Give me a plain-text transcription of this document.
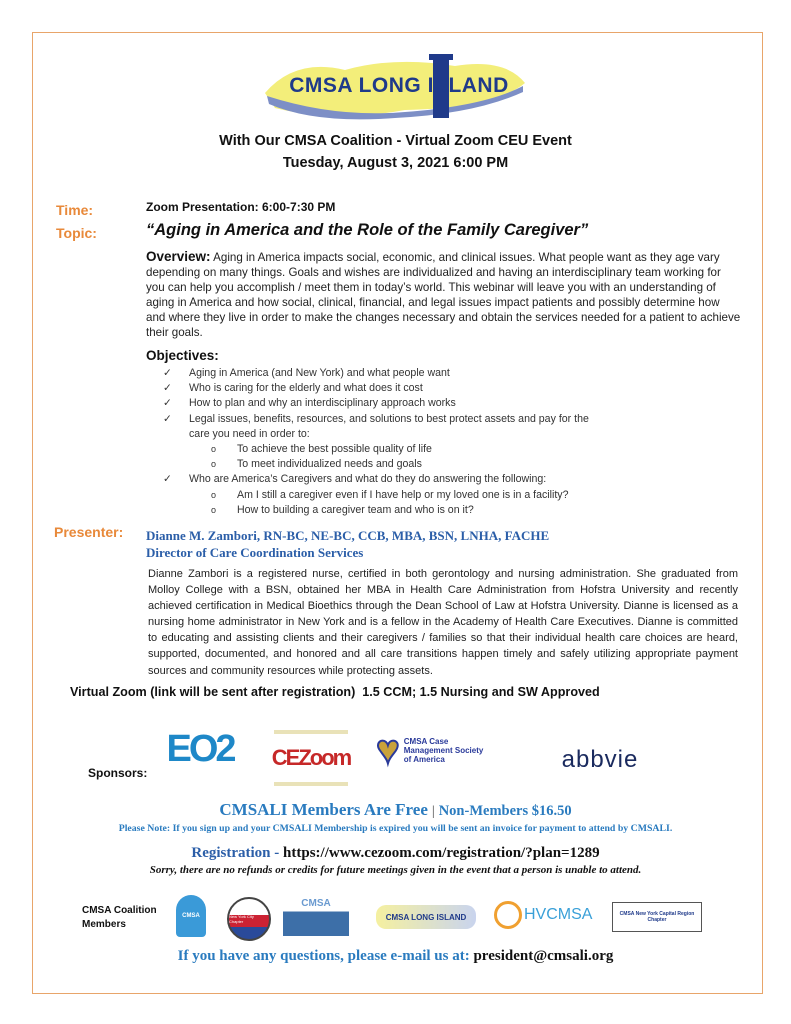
CMSA LONG ISLAND
With Our CMSA Coalition - Virtual Zoom CEU Event
Tuesday, August 3, 2021 6:00 PM
Time:	Zoom Presentation: 6:00-7:30 PM
Topic:	“Aging in America and the Role of the Family Caregiver”
Overview: Aging in America impacts social, economic, and clinical issues. What people want as they age vary depending on many things. Goals and wishes are individualized and having an interdisciplinary team working for you can help you accomplish / meet them in today’s world. This webinar will leave you with an understanding of aging in America and how social, clinical, financial, and legal issues impact patients and possibly determine how and where they live in order to make the changes necessary and obtain the services needed for a patient to achieve their goals.
Objectives:
✓ Aging in America (and New York) and what people want
✓ Who is caring for the elderly and what does it cost
✓ How to plan and why an interdisciplinary approach works
✓ Legal issues, benefits, resources, and solutions to best protect assets and pay for the care you need in order to:
o To achieve the best possible quality of life
o To meet individualized needs and goals
✓ Who are America’s Caregivers and what do they do answering the following:
o Am I still a caregiver even if I have help or my loved one is in a facility?
o How to building a caregiver team and who is on it?
Presenter: Dianne M. Zambori, RN-BC, NE-BC, CCB, MBA, BSN, LNHA, FACHE
Director of Care Coordination Services
Dianne Zambori is a registered nurse, certified in both gerontology and nursing administration. She graduated from Molloy College with a BSN, obtained her MBA in Health Care Administration from Hofstra University and recently achieved certification in Medical Bioethics through the Dean School of Law at Hofstra University. Dianne is licensed as a nursing home administrator in New York and is a fellow in the Academy of Health Care Executives. Dianne is committed to educating and assisting clients and their caregivers / families so that their individual health care choices are heard, supported, documented, and honored and all care transitions happen timely and safely utilizing appropriate payment sources and community resources while protecting assets.
Virtual Zoom (link will be sent after registration)  1.5 CCM; 1.5 Nursing and SW Approved
Sponsors:
EO2 CEZoom ♥ CMSA Case Management Society of America	abbvie
CMSALI Members Are Free | Non-Members $16.50
Please Note: If you sign up and your CMSALI Membership is expired you will be sent an invoice for payment to attend by CMSALI.
Registration - https://www.cezoom.com/registration/?plan=1289
Sorry, there are no refunds or credits for future meetings given in the event that a person is unable to attend.
CMSA Coalition
Members
CMSA	New York City Chapter
CMSA
CMSA LONG ISLAND	HVCMSA	CMSA New York Capital Region Chapter
If you have any questions, please e-mail us at: president@cmsali.org
